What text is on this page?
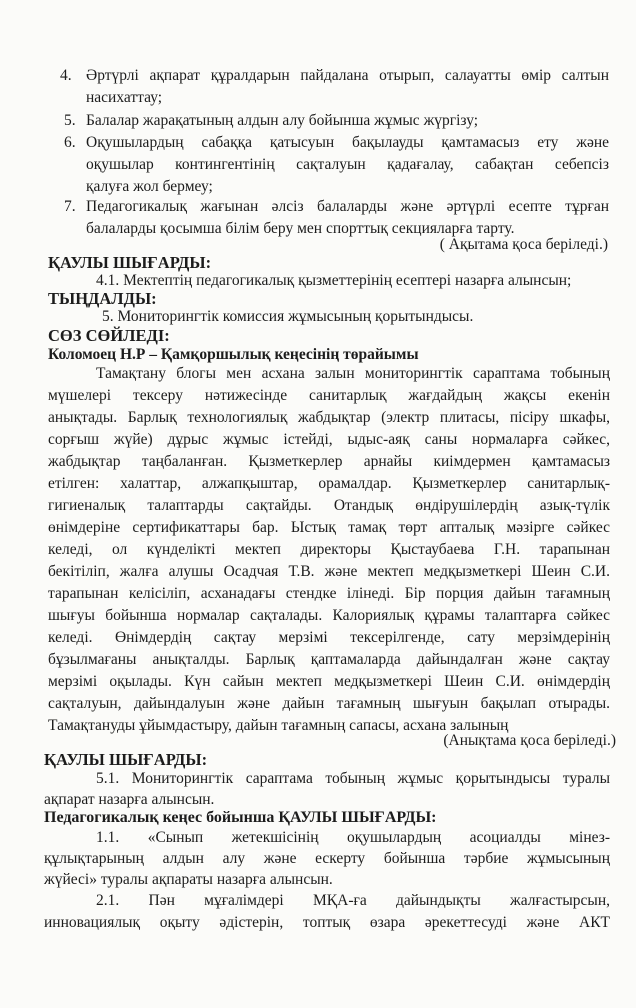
4. Әртүрлі ақпарат құралдарын пайдалана отырып, салауатты өмір салтын
насихаттау;
5. Балалар жарақатының алдын алу бойынша жұмыс жүргізу;
6. Оқушылардың сабаққа қатысуын бақылауды қамтамасыз ету және
оқушылар контингентінің сақталуын қадағалау, сабақтан себепсіз
қалуға жол бермеу;
7. Педагогикалық жағынан әлсіз балаларды және әртүрлі есепте тұрған
балаларды қосымша білім беру мен спорттық секцияларға тарту.
( Ақытама қоса беріледі.)
ҚАУЛЫ ШЫҒАРДЫ:
4.1. Мектептің педагогикалық қызметтерінің есептері назарға алынсын;
ТЫҢДАЛДЫ:
5. Мониторингтік комиссия жұмысының қорытындысы.
СӨЗ СӨЙЛЕДІ:
Коломоец Н.Р – Қамқоршылық кеңесінің төрайымы
Тамақтану блогы мен асхана залын мониторингтік сараптама тобының
мүшелері тексеру нәтижесінде санитарлық жағдайдың жақсы екенін
анықтады. Барлық технологиялық жабдықтар (электр плитасы, пісіру шкафы,
сорғыш жүйе) дұрыс жұмыс істейді, ыдыс-аяқ саны нормаларға сәйкес,
жабдықтар таңбаланған. Қызметкерлер арнайы киімдермен қамтамасыз
етілген: халаттар, алжапқыштар, орамалдар. Қызметкерлер санитарлық-
гигиеналық талаптарды сақтайды. Отандық өндірушілердің азық-түлік
өнімдеріне сертификаттары бар. Ыстық тамақ төрт апталық мәзірге сәйкес
келеді, ол күнделікті мектеп директоры Қыстаубаева Г.Н. тарапынан
бекітіліп, жалға алушы Осадчая Т.В. және мектеп медқызметкері Шеин С.И.
тарапынан келісіліп, асханадағы стендке ілінеді. Бір порция дайын тағамның
шығуы бойынша нормалар сақталады. Калориялық құрамы талаптарға сәйкес
келеді. Өнімдердің сақтау мерзімі тексерілгенде, сату мерзімдерінің
бұзылмағаны анықталды. Барлық қаптамаларда дайындалған және сақтау
мерзімі оқылады. Күн сайын мектеп медқызметкері Шеин С.И. өнімдердің
сақталуын, дайындалуын және дайын тағамның шығуын бақылап отырады.
Тамақтануды ұйымдастыру, дайын тағамның сапасы, асхана залының
(Анықтама қоса беріледі.)
ҚАУЛЫ ШЫҒАРДЫ:
5.1. Мониторингтік сараптама тобының жұмыс қорытындысы туралы
ақпарат назарға алынсын.
Педагогикалық кеңес бойынша ҚАУЛЫ ШЫҒАРДЫ:
1.1. «Сынып жетекшісінің оқушылардың асоциалды мінез-
құлықтарының алдын алу және ескерту бойынша тәрбие жұмысының
жүйесі» туралы ақпараты назарға алынсын.
2.1. Пән мұғалімдері МҚА-ға дайындықты жалғастырсын,
инновациялық оқыту әдістерін, топтық өзара әрекеттесуді және АКТ
